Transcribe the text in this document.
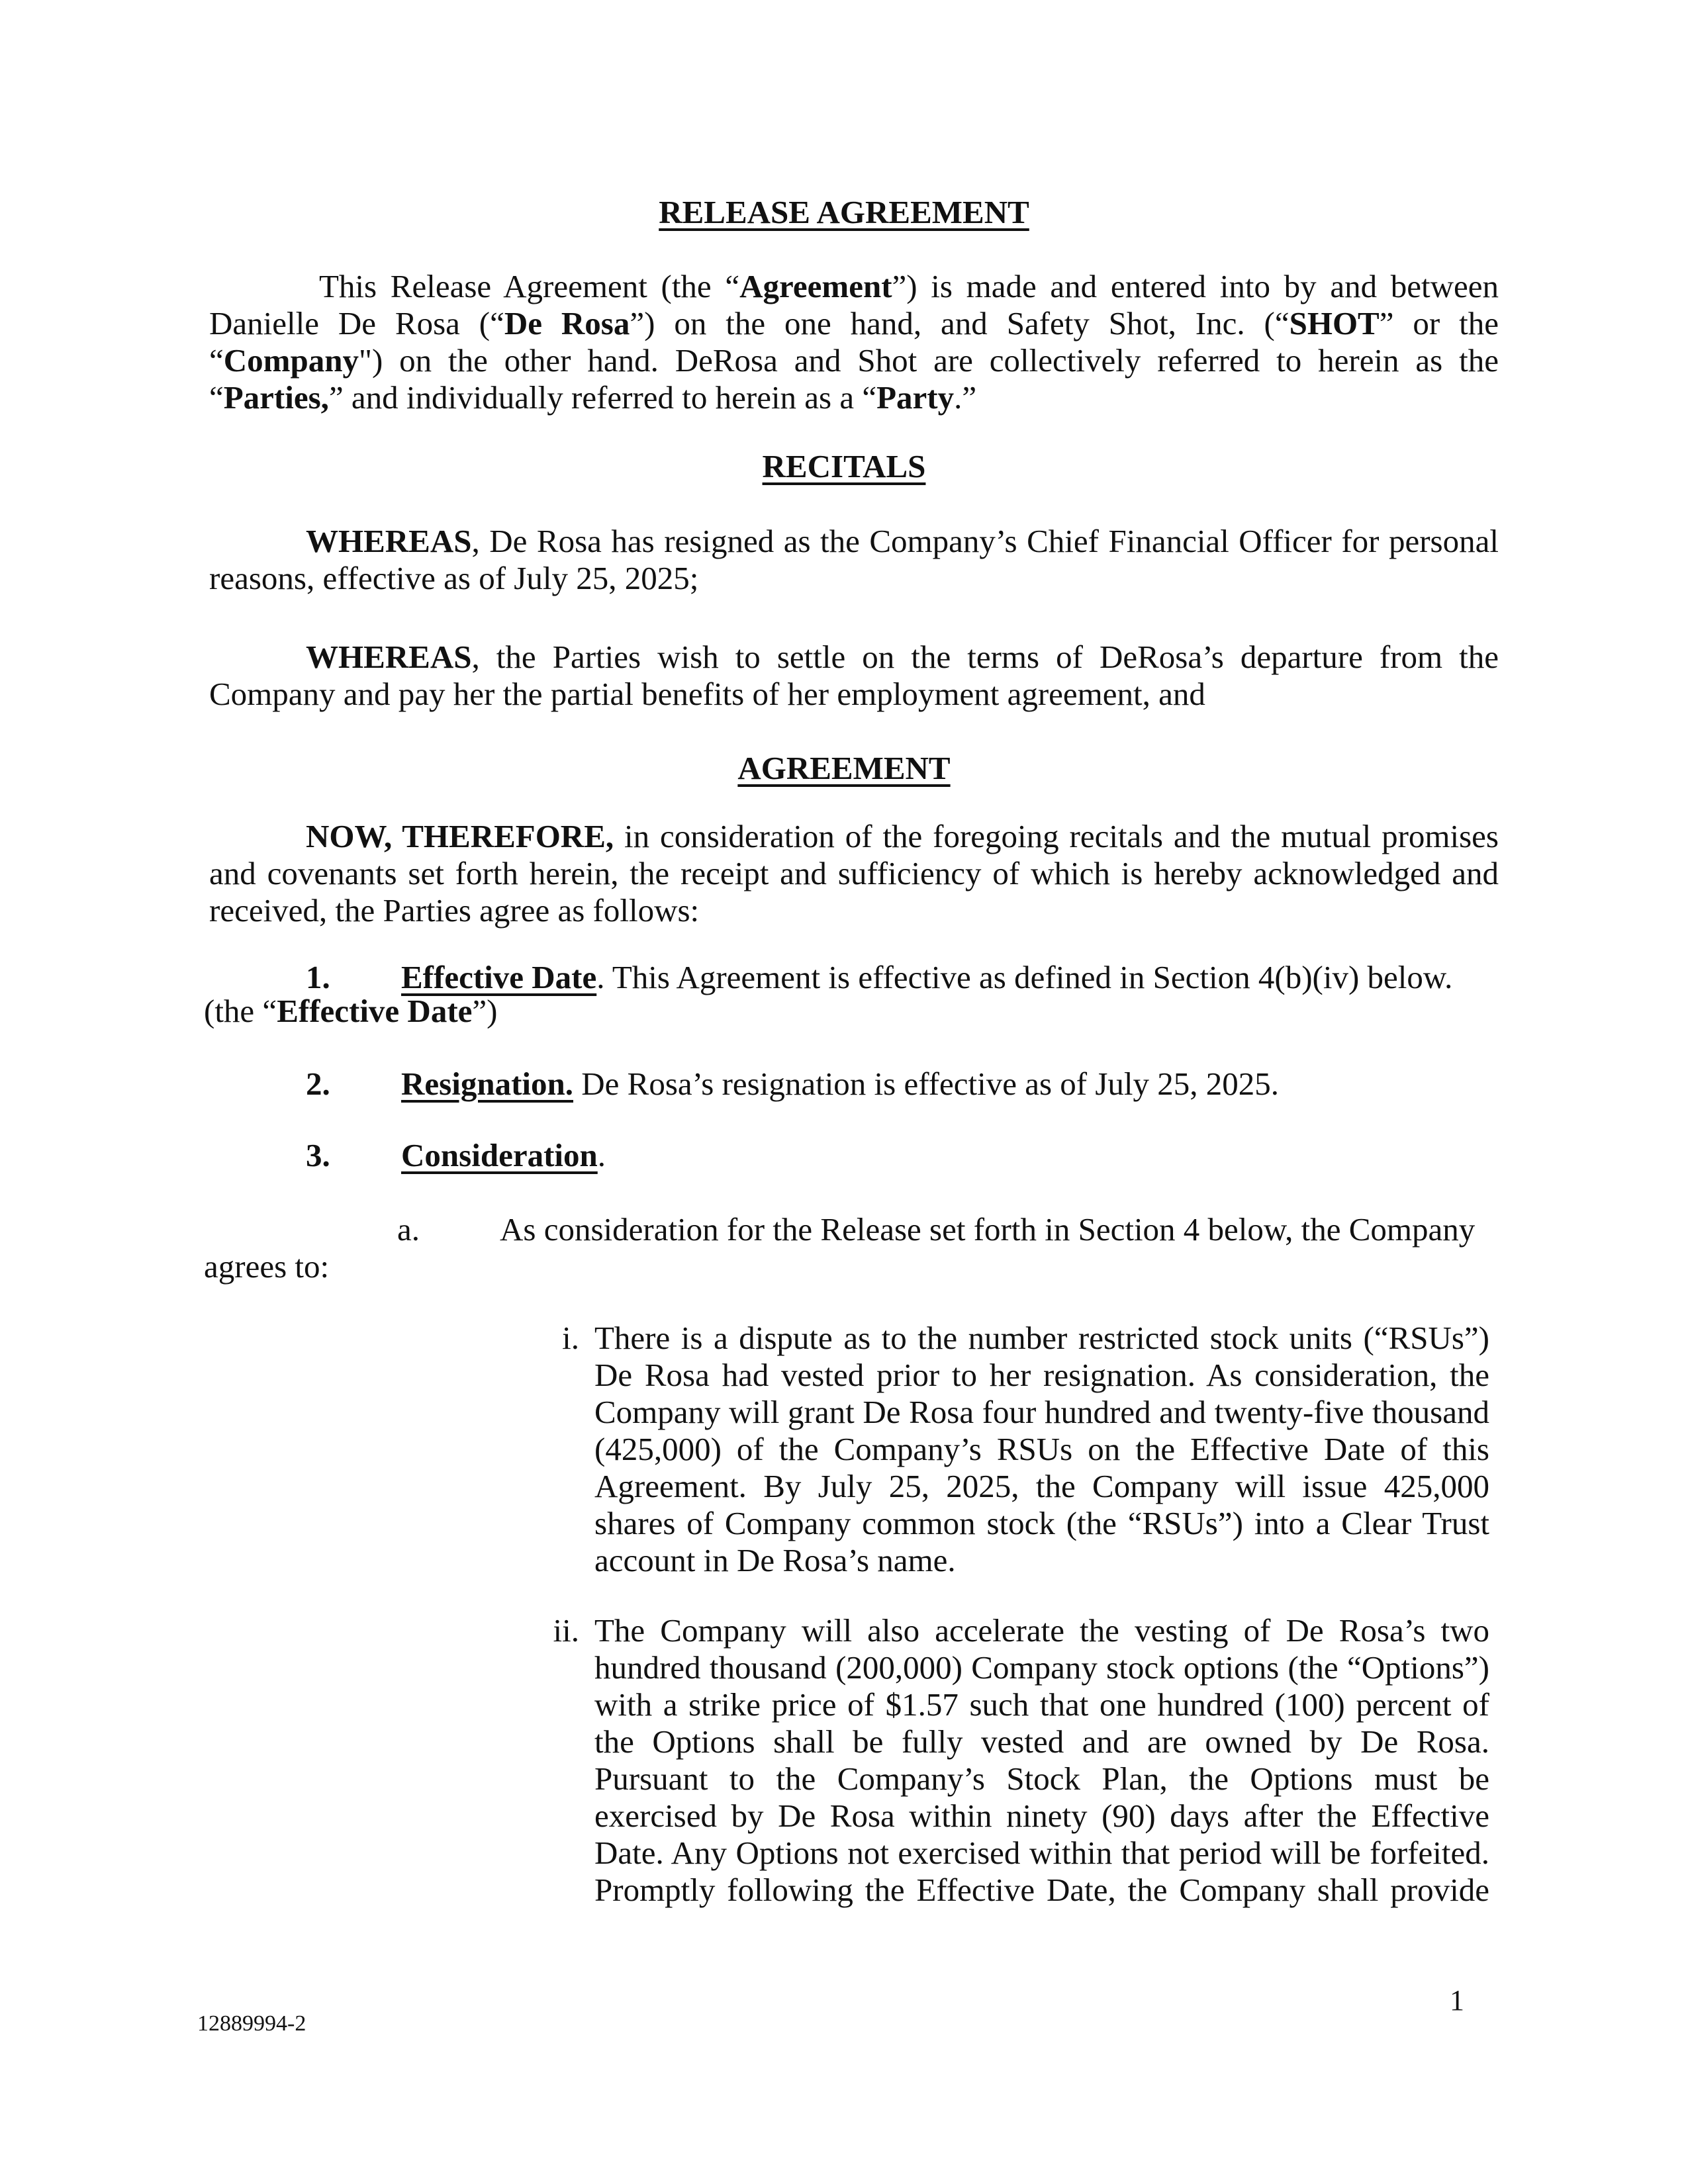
RELEASE AGREEMENT

This Release Agreement (the “Agreement”) is made and entered into by and between Danielle De Rosa (“De Rosa”) on the one hand, and Safety Shot, Inc. (“SHOT” or the “Company") on the other hand. DeRosa and Shot are collectively referred to herein as the “Parties,” and individually referred to herein as a “Party.”

RECITALS

WHEREAS, De Rosa has resigned as the Company’s Chief Financial Officer for personal reasons, effective as of July 25, 2025;

WHEREAS, the Parties wish to settle on the terms of DeRosa’s departure from the Company and pay her the partial benefits of her employment agreement, and

AGREEMENT

NOW, THEREFORE, in consideration of the foregoing recitals and the mutual promises and covenants set forth herein, the receipt and sufficiency of which is hereby acknowledged and received, the Parties agree as follows:

1. Effective Date. This Agreement is effective as defined in Section 4(b)(iv) below.

(the “Effective Date”)

2. Resignation. De Rosa’s resignation is effective as of July 25, 2025.

3. Consideration.

a. As consideration for the Release set forth in Section 4 below, the Company

agrees to:

i. There is a dispute as to the number restricted stock units (“RSUs”) De Rosa had vested prior to her resignation. As consideration, the Company will grant De Rosa four hundred and twenty-five thousand (425,000) of the Company’s RSUs on the Effective Date of this Agreement. By July 25, 2025, the Company will issue 425,000 shares of Company common stock (the “RSUs”) into a Clear Trust account in De Rosa’s name.

ii. The Company will also accelerate the vesting of De Rosa’s two hundred thousand (200,000) Company stock options (the “Options”) with a strike price of $1.57 such that one hundred (100) percent of the Options shall be fully vested and are owned by De Rosa. Pursuant to the Company’s Stock Plan, the Options must be exercised by De Rosa within ninety (90) days after the Effective Date. Any Options not exercised within that period will be forfeited. Promptly following the Effective Date, the Company shall provide

1

12889994-2
